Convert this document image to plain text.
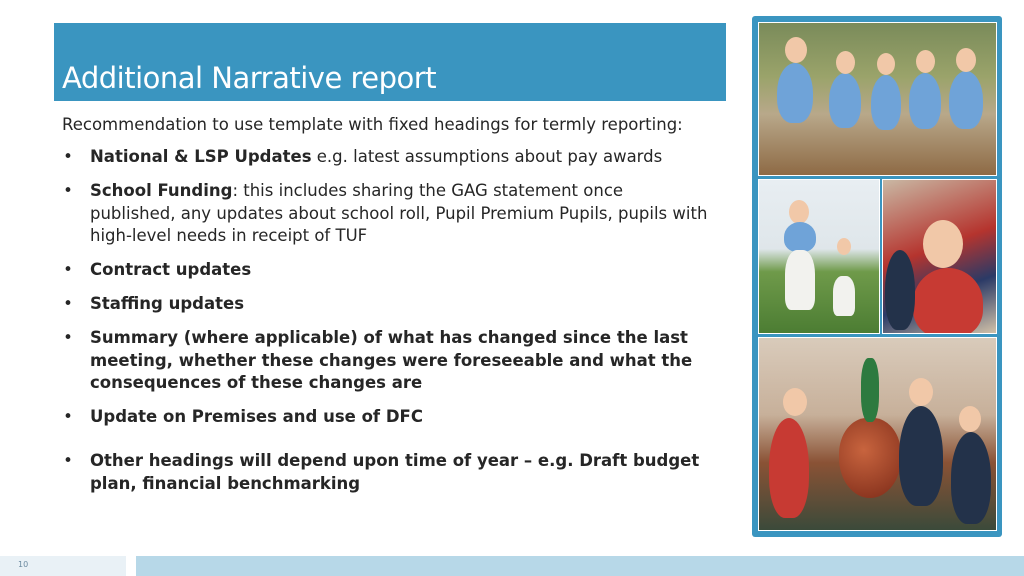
Additional Narrative report
Recommendation to use template with fixed headings for termly reporting:
• National & LSP Updates e.g. latest assumptions about pay awards
• School Funding: this includes sharing the GAG statement once published, any updates about school roll, Pupil Premium Pupils, pupils with high-level needs in receipt of TUF
• Contract updates
• Staffing updates
• Summary (where applicable) of what has changed since the last meeting, whether these changes were foreseeable and what the consequences of these changes are
• Update on Premises and use of DFC
• Other headings will depend upon time of year – e.g. Draft budget plan, financial benchmarking
10
